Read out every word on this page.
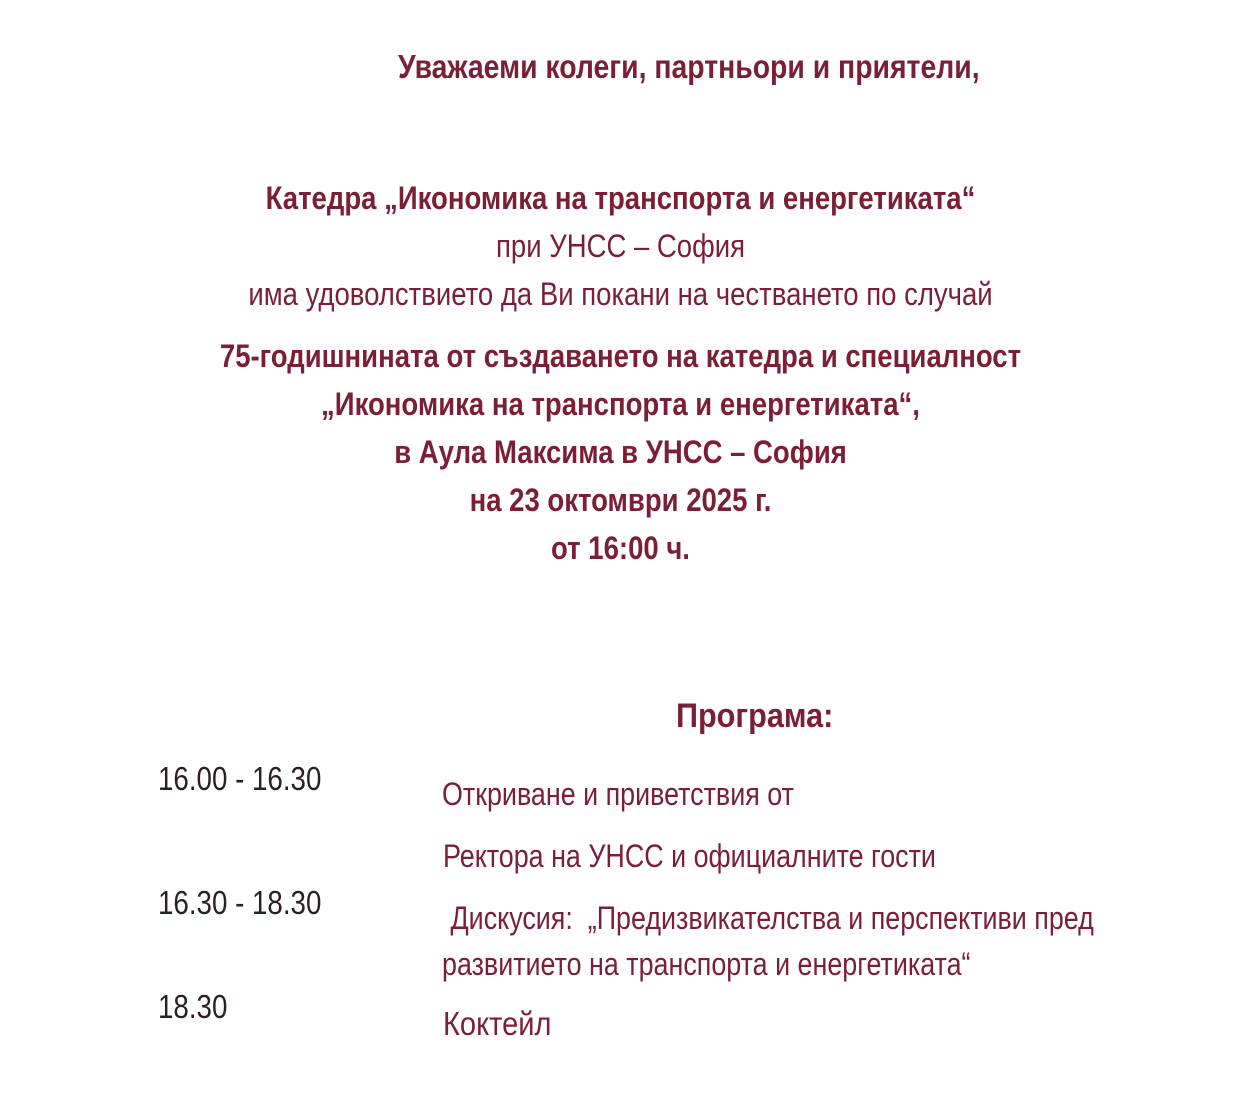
Уважаеми колеги, партньори и приятели,
Катедра „Икономика на транспорта и енергетиката“
при УНСС – София
има удоволствието да Ви покани на честването по случай
75-годишнината от създаването на катедра и специалност
„Икономика на транспорта и енергетиката“,
в Аула Максима в УНСС – София
на 23 октомври 2025 г.
от 16:00 ч.
Програма:
16.00 - 16.30	Откриване и приветствия от
Ректора на УНСС и официалните гости
16.30 - 18.30	Дискусия:  „Предизвикателства и перспективи пред
развитието на транспорта и енергетиката“
18.30	Коктейл
